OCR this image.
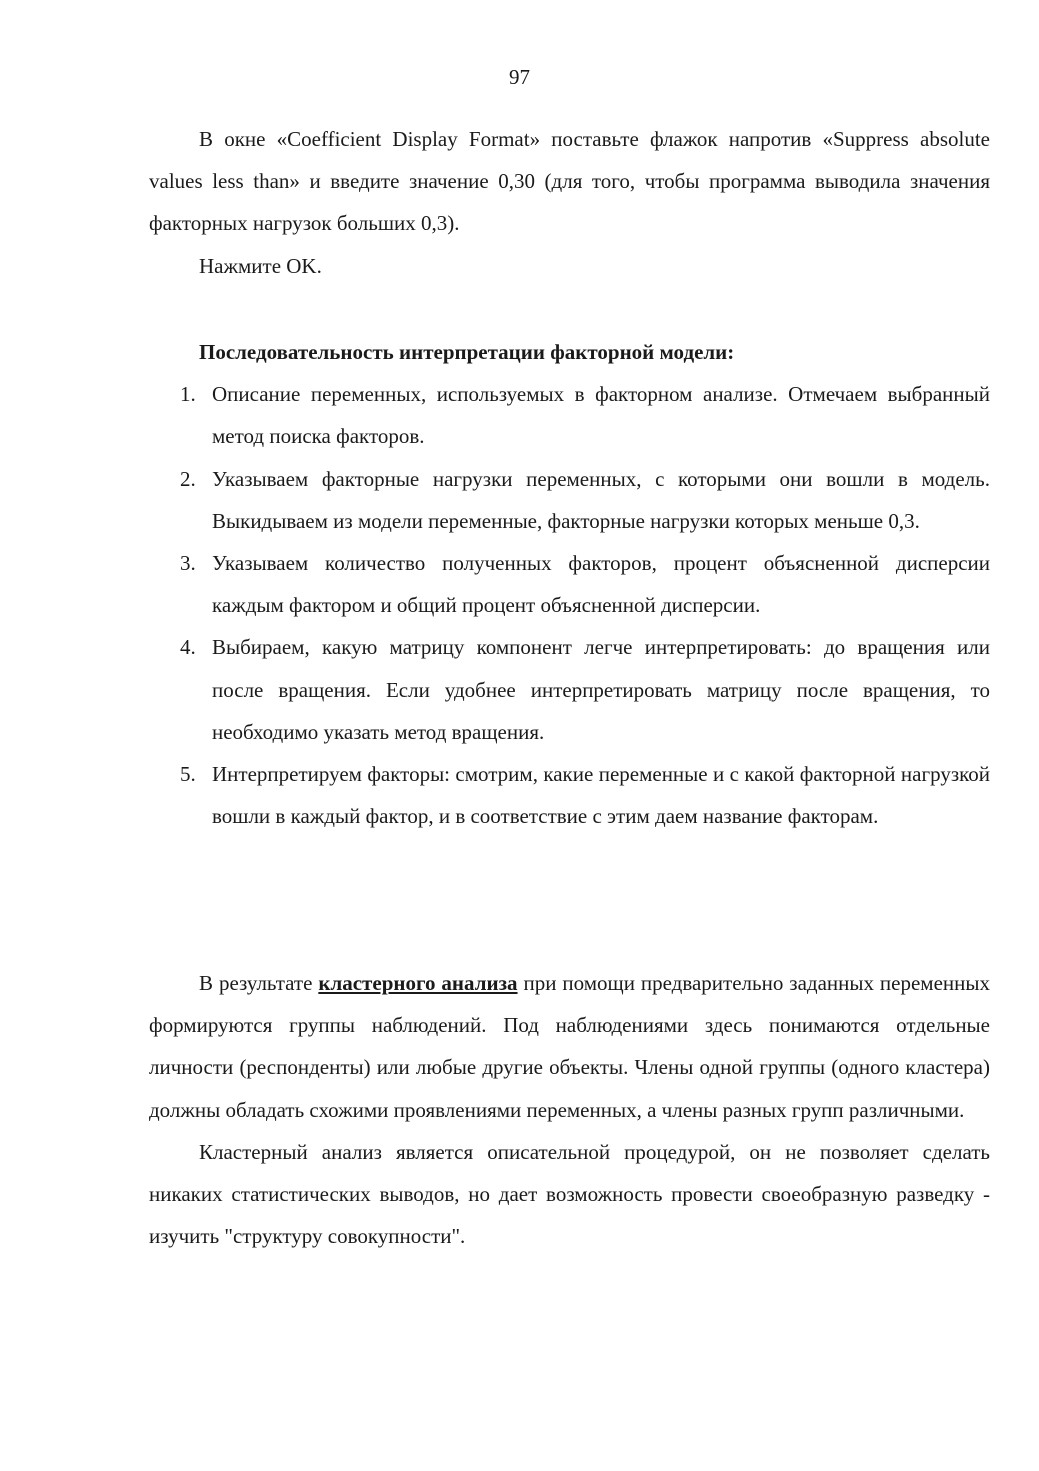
97

В окне «Coefficient Display Format» поставьте флажок напротив «Suppress absolute values less than» и введите значение 0,30 (для того, чтобы программа выводила значения факторных нагрузок больших 0,3).

Нажмите OK.

Последовательность интерпретации факторной модели:

1. Описание переменных, используемых в факторном анализе. Отмечаем выбранный метод поиска факторов.
2. Указываем факторные нагрузки переменных, с которыми они вошли в модель. Выкидываем из модели переменные, факторные нагрузки которых меньше 0,3.
3. Указываем количество полученных факторов, процент объясненной дисперсии каждым фактором и общий процент объясненной дисперсии.
4. Выбираем, какую матрицу компонент легче интерпретировать: до вращения или после вращения. Если удобнее интерпретировать матрицу после вращения, то необходимо указать метод вращения.
5. Интерпретируем факторы: смотрим, какие переменные и с какой факторной нагрузкой вошли в каждый фактор, и в соответствие с этим даем название факторам.

В результате кластерного анализа при помощи предварительно заданных переменных формируются группы наблюдений. Под наблюдениями здесь понимаются отдельные личности (респонденты) или любые другие объекты. Члены одной группы (одного кластера) должны обладать схожими проявлениями переменных, а члены разных групп различными.

Кластерный анализ является описательной процедурой, он не позволяет сделать никаких статистических выводов, но дает возможность провести своеобразную разведку - изучить "структуру совокупности".
